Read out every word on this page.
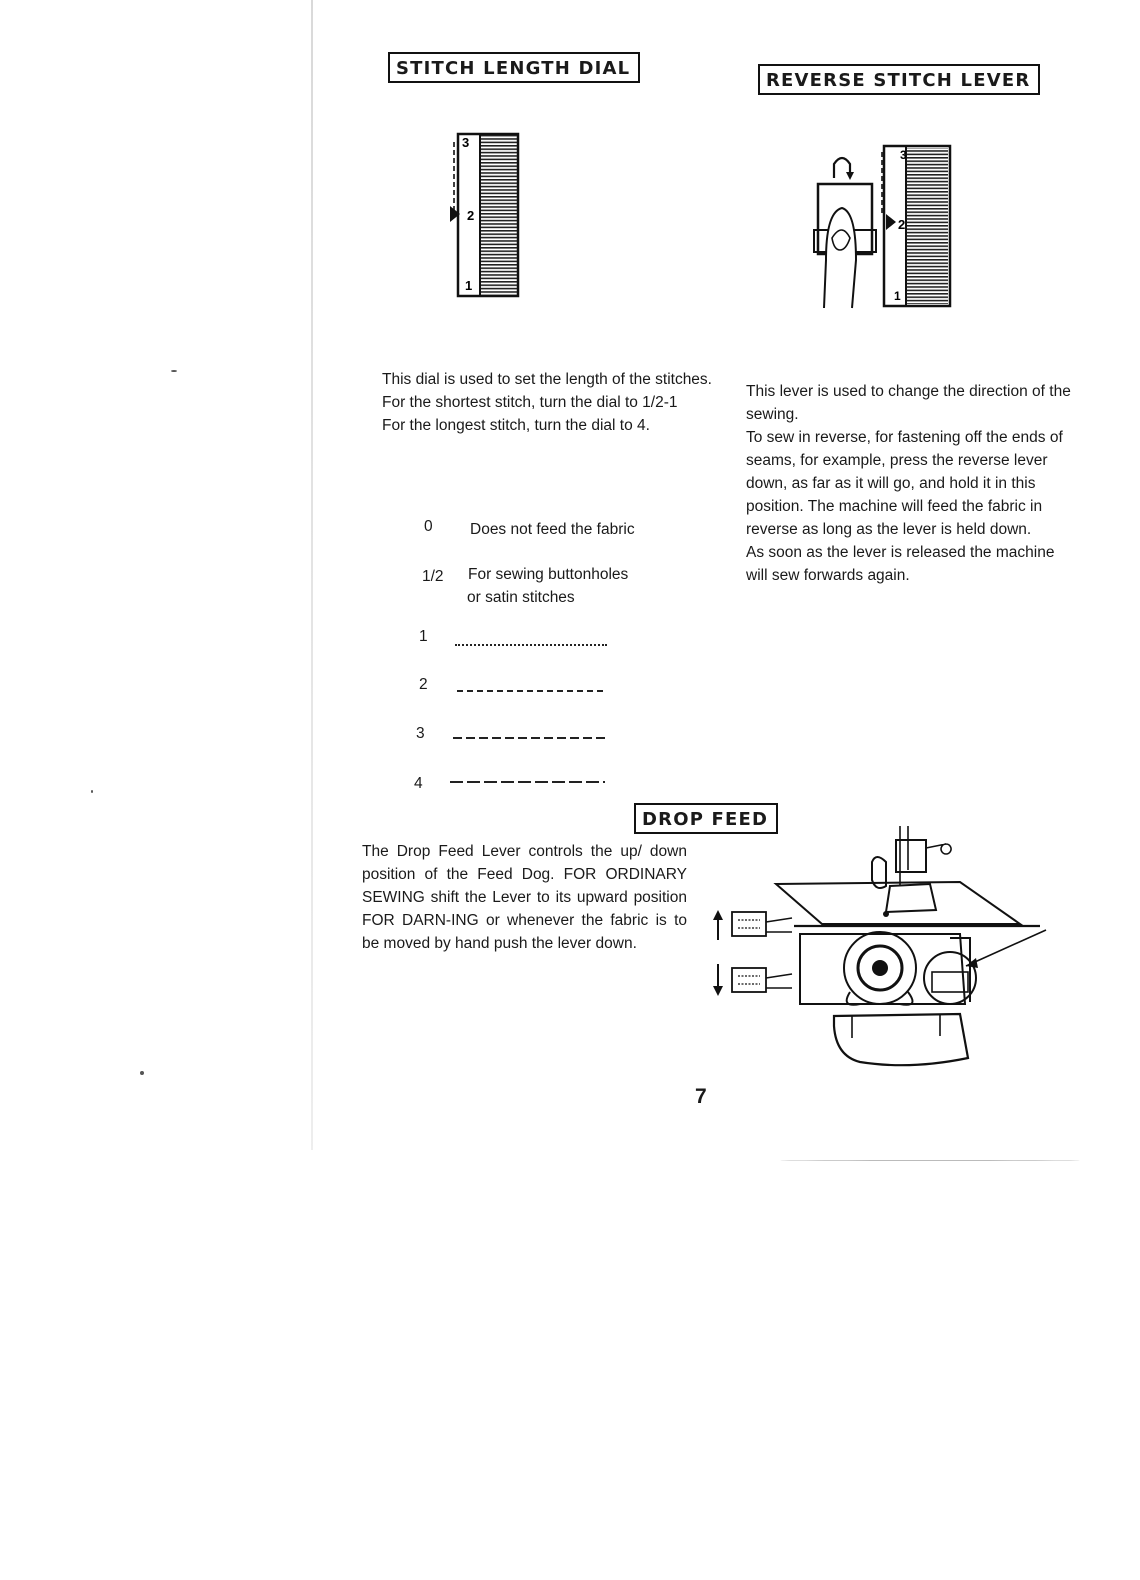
STITCH LENGTH DIAL
3
2
1

This dial is used to set the length of the stitches.

For the shortest stitch, turn the dial to 1/2-1

For the longest stitch, turn the dial to 4.

0 Does not feed the fabric
1/2 For sewing buttonholes
or satin stitches
1
2
3
4
REVERSE STITCH LEVER
3
2
1

This lever is used to change the direction of the sewing.

To sew in reverse, for fastening off the ends of seams, for example, press the reverse lever down, as far as it will go, and hold it in this position. The machine will feed the fabric in reverse as long as the lever is held down.

As soon as the lever is released the machine will sew forwards again.

DROP FEED
The Drop Feed Lever controls the up/ down position of the Feed Dog. FOR ORDINARY SEWING shift the Lever to its upward position FOR DARN-ING or whenever the fabric is to be moved by hand push the lever down.
7
